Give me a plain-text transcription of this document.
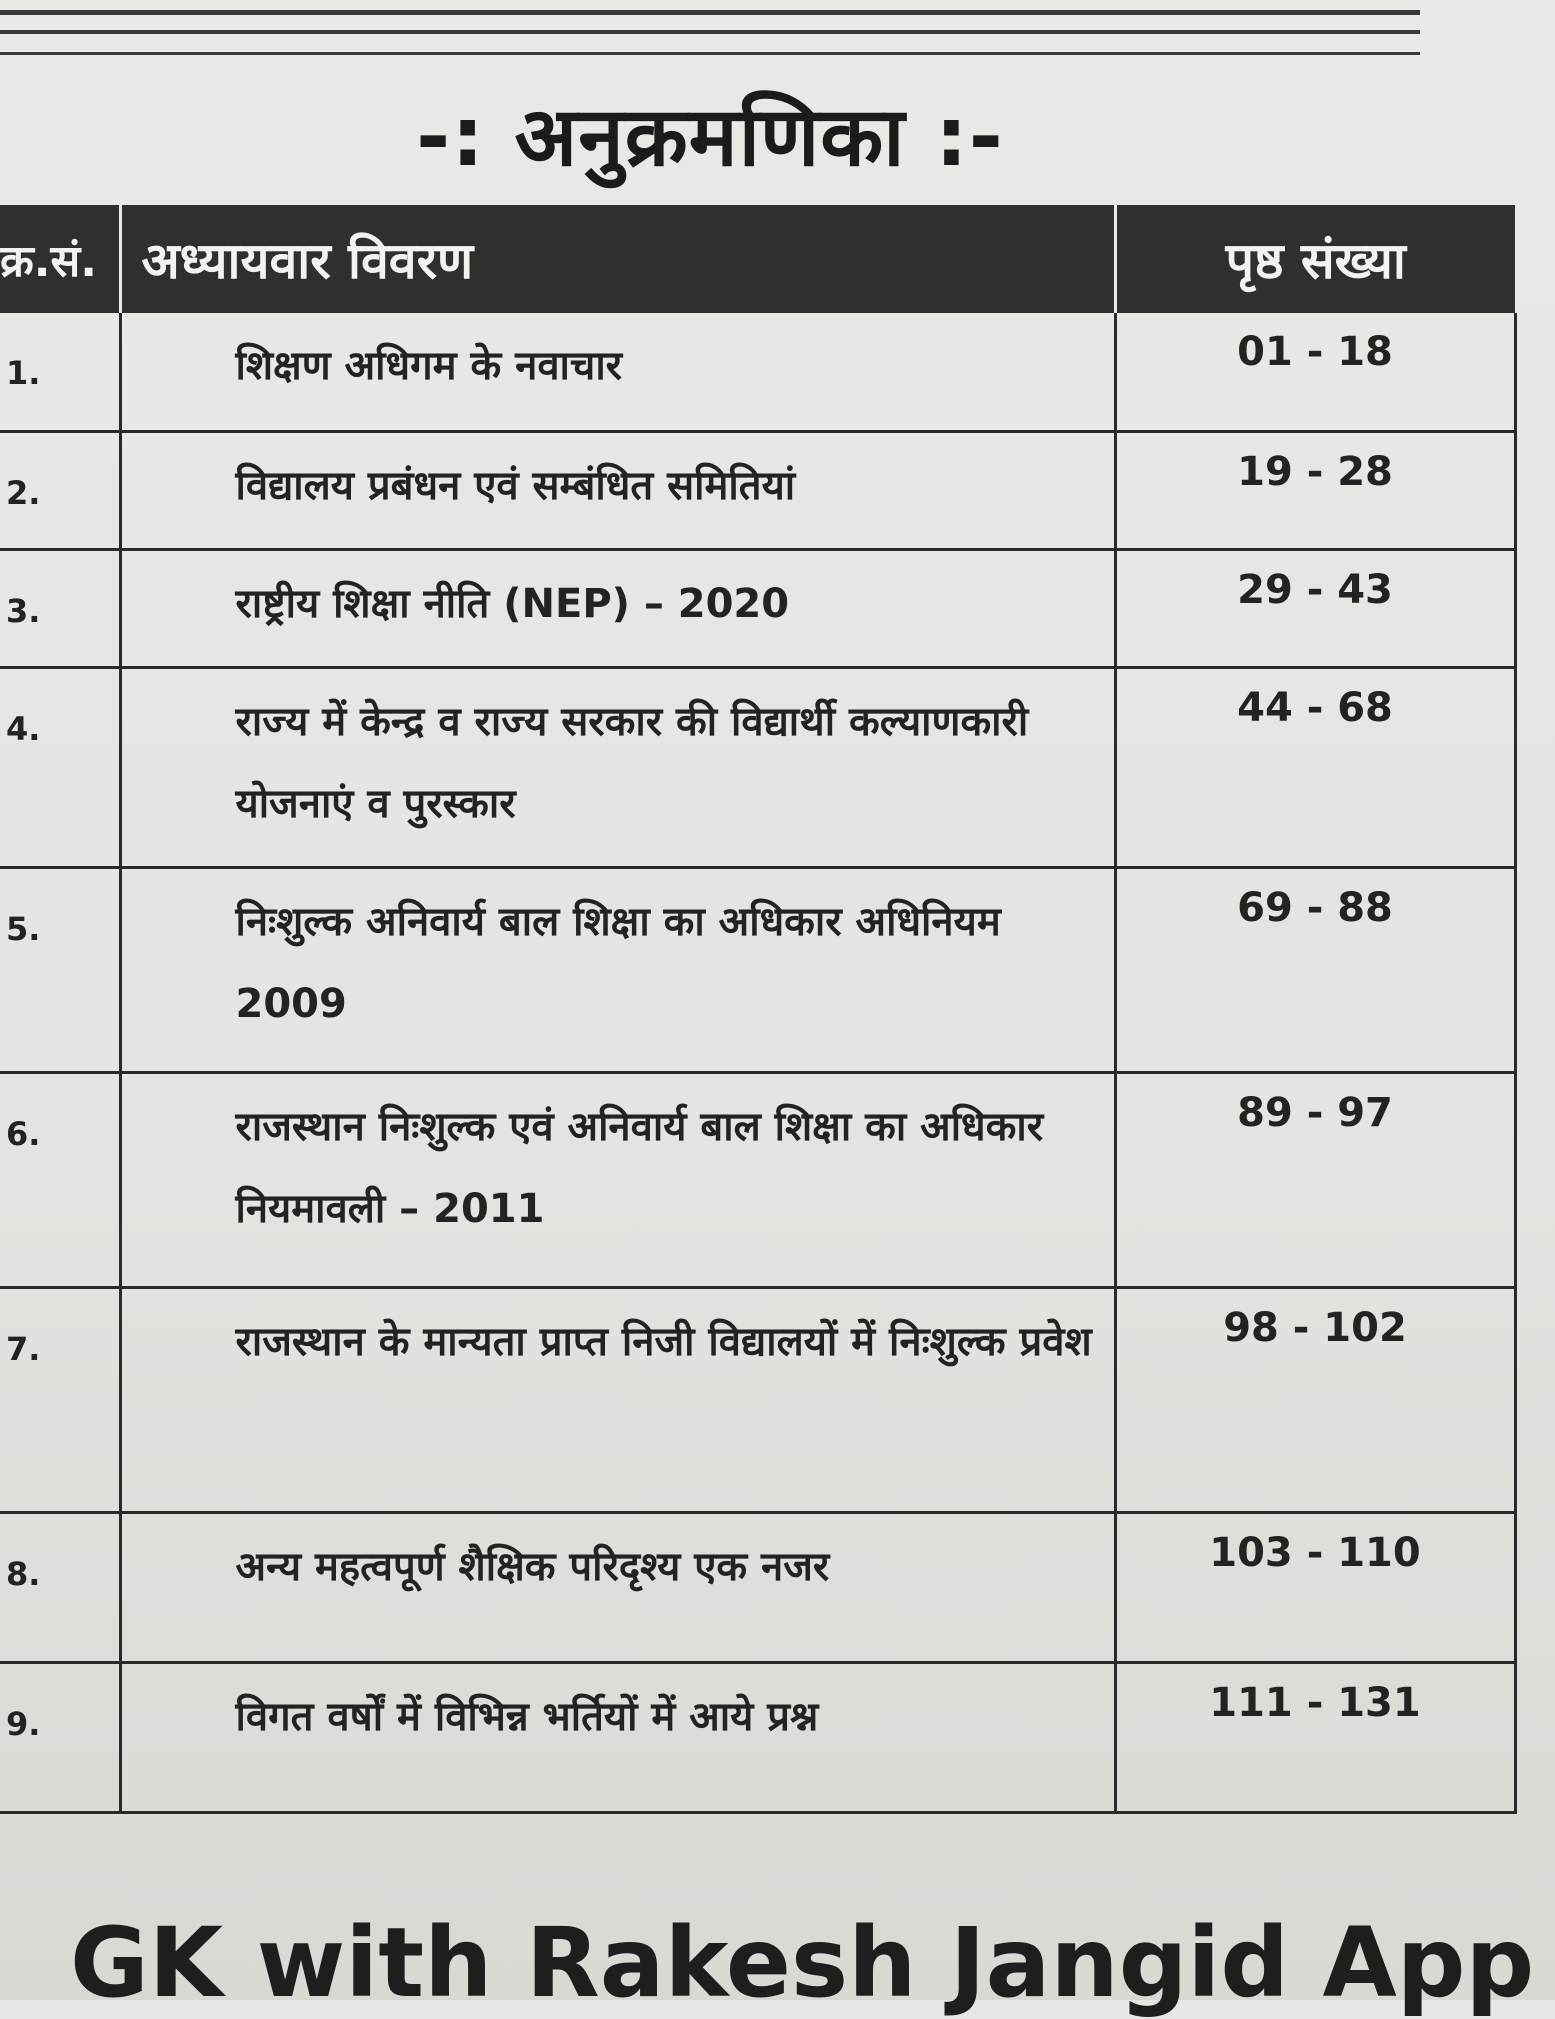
-: अनुक्रमणिका :-
क्र.सं.	अध्यायवार विवरण	पृष्ठ संख्या
1.	शिक्षण अधिगम के नवाचार	01 - 18
2.	विद्यालय प्रबंधन एवं सम्बंधित समितियां	19 - 28
3.	राष्ट्रीय शिक्षा नीति (NEP) – 2020	29 - 43
4.	राज्य में केन्द्र व राज्य सरकार की विद्यार्थी कल्याणकारी योजनाएं व पुरस्कार	44 - 68
5.	निःशुल्क अनिवार्य बाल शिक्षा का अधिकार अधिनियम 2009	69 - 88
6.	राजस्थान निःशुल्क एवं अनिवार्य बाल शिक्षा का अधिकार नियमावली – 2011	89 - 97
7.	राजस्थान के मान्यता प्राप्त निजी विद्यालयों में निःशुल्क प्रवेश	98 - 102
8.	अन्य महत्वपूर्ण शैक्षिक परिदृश्य एक नजर	103 - 110
9.	विगत वर्षों में विभिन्न भर्तियों में आये प्रश्न	111 - 131
GK with Rakesh Jangid App
